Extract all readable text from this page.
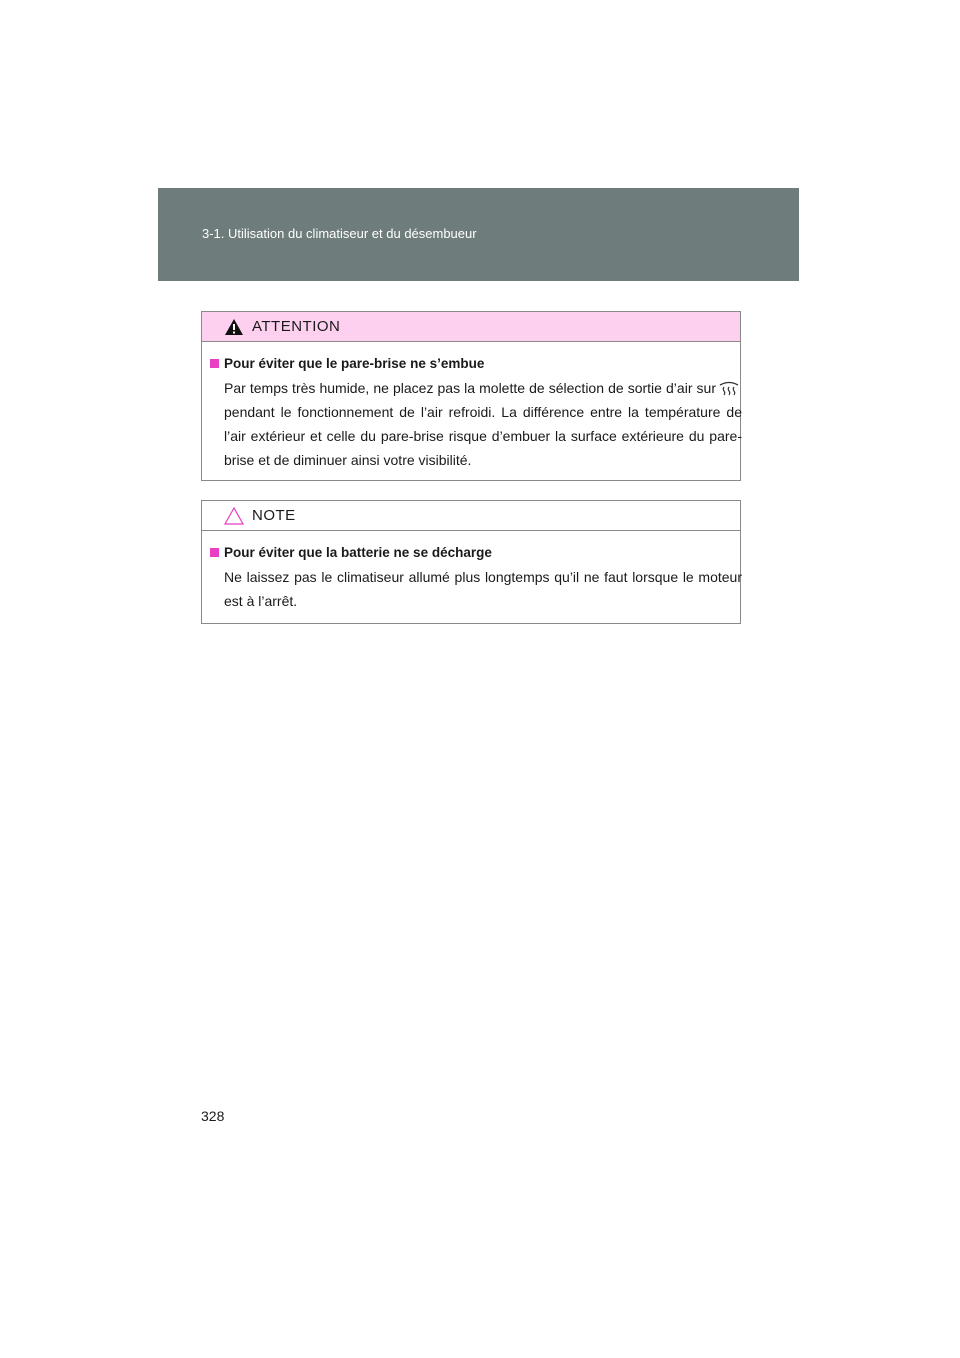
3-1. Utilisation du climatiseur et du désembueur
ATTENTION
Pour éviter que le pare-brise ne s’embue
Par temps très humide, ne placez pas la molette de sélection de sortie d’air surpendant le fonctionnement de l’air refroidi. La différence entre la température de l’air extérieur et celle du pare-brise risque d’embuer la surface extérieure du pare-brise et de diminuer ainsi votre visibilité.
NOTE
Pour éviter que la batterie ne se décharge
Ne laissez pas le climatiseur allumé plus longtemps qu’il ne faut lorsque le moteur est à l’arrêt.
328
